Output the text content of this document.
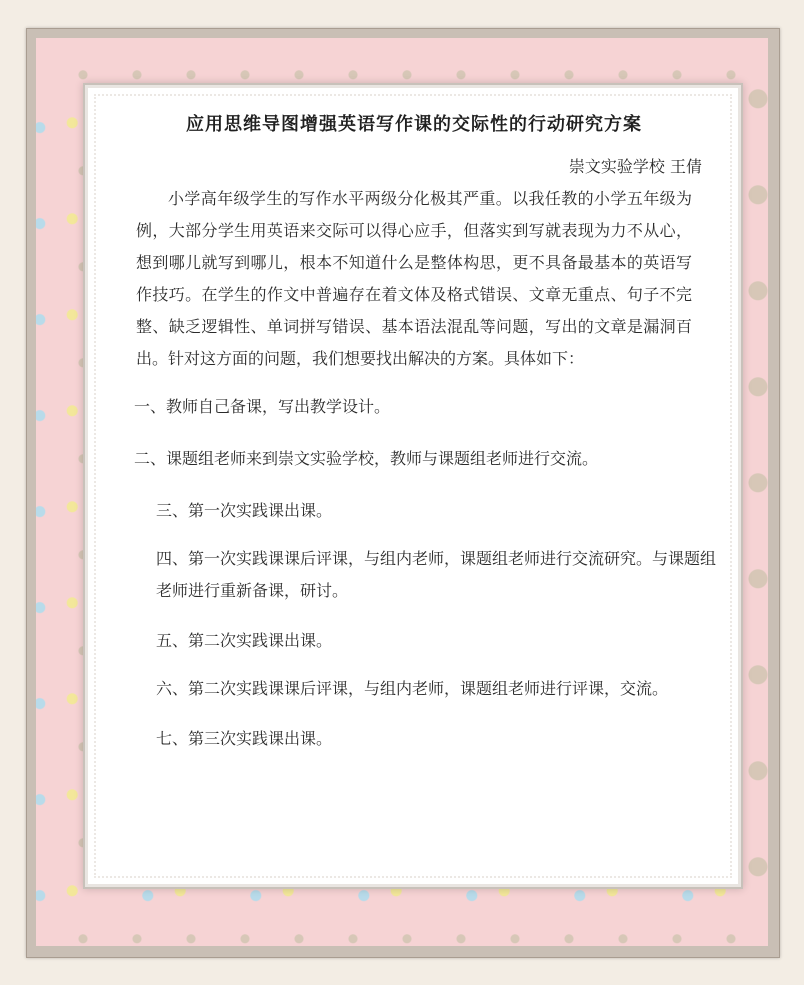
应用思维导图增强英语写作课的交际性的行动研究方案
崇文实验学校 王倩

小学高年级学生的写作水平两级分化极其严重。以我任教的小学五年级为例，大部分学生用英语来交际可以得心应手，但落实到写就表现为力不从心，想到哪儿就写到哪儿，根本不知道什么是整体构思，更不具备最基本的英语写作技巧。在学生的作文中普遍存在着文体及格式错误、文章无重点、句子不完整、缺乏逻辑性、单词拼写错误、基本语法混乱等问题，写出的文章是漏洞百出。针对这方面的问题，我们想要找出解决的方案。具体如下：

一、教师自己备课，写出教学设计。
二、课题组老师来到崇文实验学校，教师与课题组老师进行交流。
三、第一次实践课出课。
四、第一次实践课课后评课，与组内老师，课题组老师进行交流研究。与课题组老师进行重新备课，研讨。
五、第二次实践课出课。
六、第二次实践课课后评课，与组内老师，课题组老师进行评课，交流。
七、第三次实践课出课。
